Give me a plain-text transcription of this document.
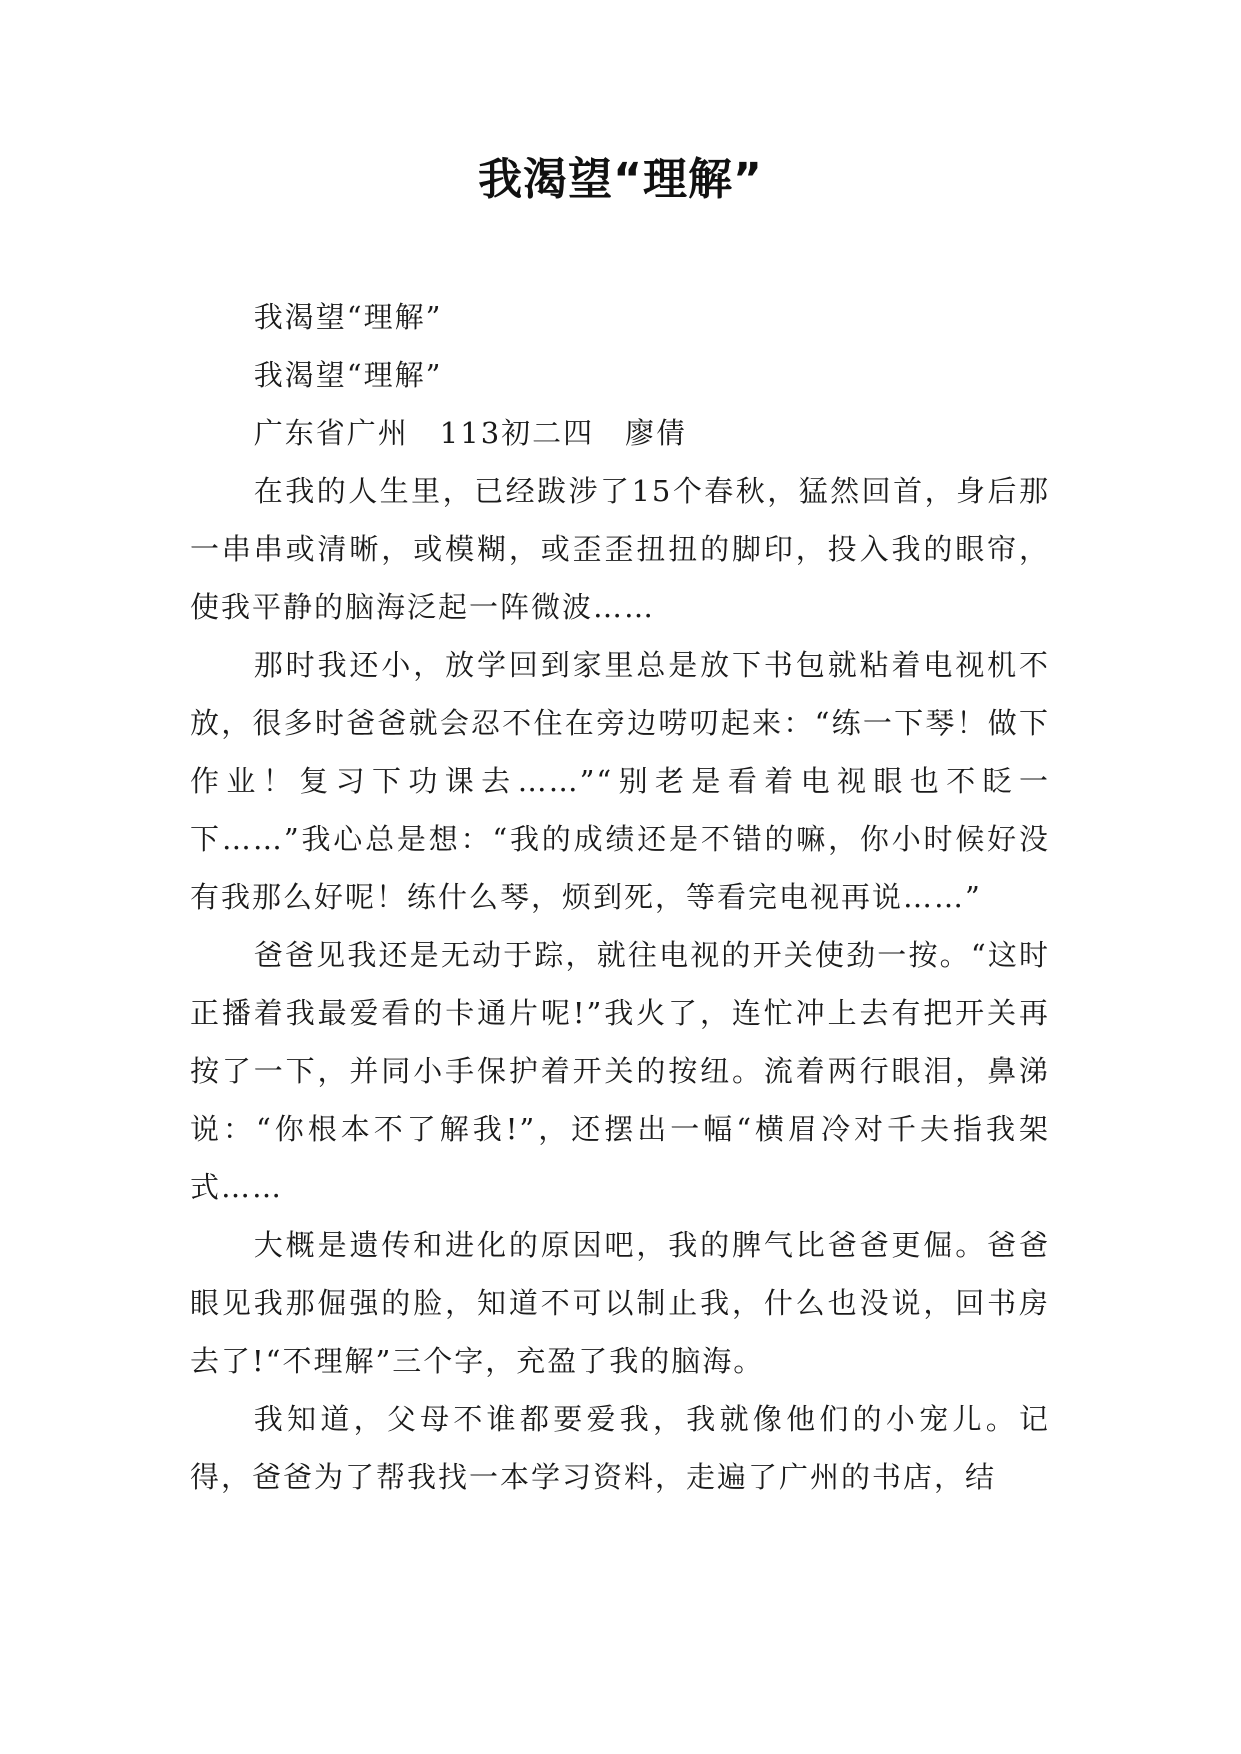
我渴望“理解”

我渴望“理解”

我渴望“理解”

广东省广州　113初二四　廖倩

在我的人生里，已经跋涉了15个春秋，猛然回首，身后那一串串或清晰，或模糊，或歪歪扭扭的脚印，投入我的眼帘，使我平静的脑海泛起一阵微波……

那时我还小，放学回到家里总是放下书包就粘着电视机不放，很多时爸爸就会忍不住在旁边唠叨起来：“练一下琴！做下作业！复习下功课去……”“别老是看着电视眼也不眨一下……”我心总是想：“我的成绩还是不错的嘛，你小时候好没有我那么好呢！练什么琴，烦到死，等看完电视再说……”

爸爸见我还是无动于踪，就往电视的开关使劲一按。“这时正播着我最爱看的卡通片呢!”我火了，连忙冲上去有把开关再按了一下，并同小手保护着开关的按纽。流着两行眼泪，鼻涕说：“你根本不了解我!”，还摆出一幅“横眉冷对千夫指我架式……

大概是遗传和进化的原因吧，我的脾气比爸爸更倔。爸爸眼见我那倔强的脸，知道不可以制止我，什么也没说，回书房去了!“不理解”三个字，充盈了我的脑海。

我知道，父母不谁都要爱我，我就像他们的小宠儿。记得，爸爸为了帮我找一本学习资料，走遍了广州的书店，结
